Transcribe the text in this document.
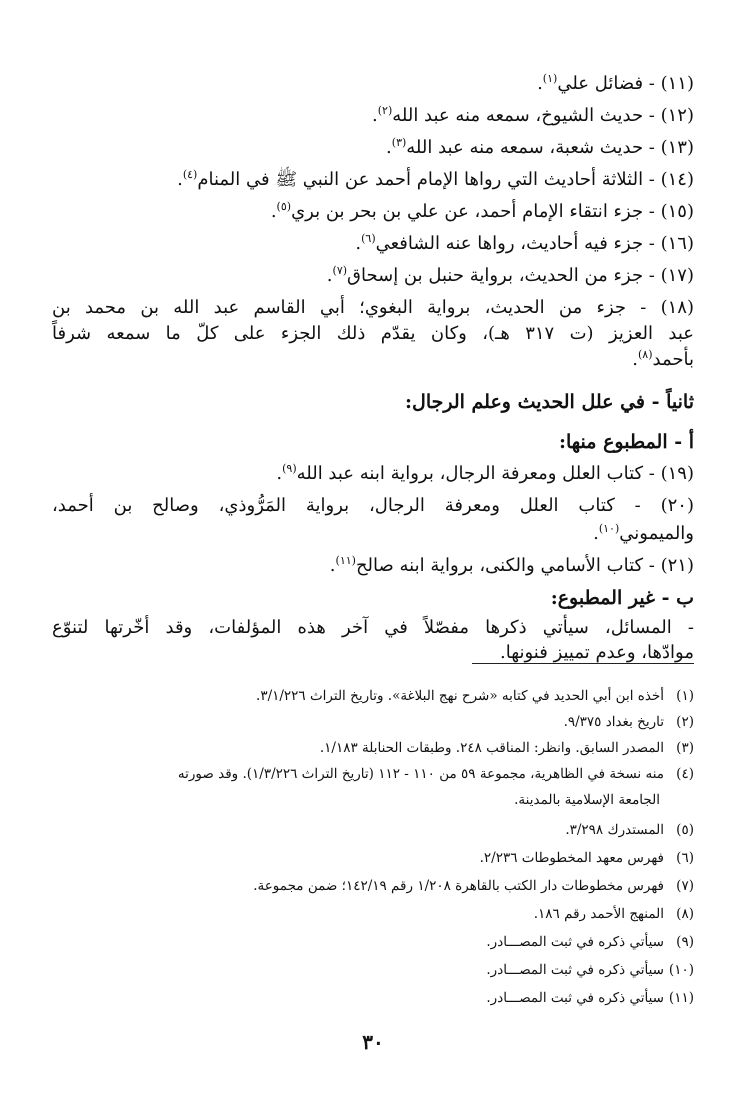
(١١) - فضائل علي$^{(١)}$.
(١٢) - حديث الشيوخ، سمعه منه عبد الله$^{(٢)}$.
(١٣) - حديث شعبة، سمعه منه عبد الله$^{(٣)}$.
(١٤) - الثلاثة أحاديث التي رواها الإمام أحمد عن النبي ﷺ في المنام$^{(٤)}$.
(١٥) - جزء انتقاء الإمام أحمد، عن علي بن بحر بن بري$^{(٥)}$.
(١٦) - جزء فيه أحاديث، رواها عنه الشافعي$^{(٦)}$.
(١٧) - جزء من الحديث، برواية حنبل بن إسحاق$^{(٧)}$.
(١٨) - جزء من الحديث، برواية البغوي؛ أبي القاسم عبد الله بن محمد بن
عبد العزيز (ت ٣١٧ هـ)، وكان يقدّم ذلك الجزء على كلّ ما سمعه شرفاً
بأحمد$^{(٨)}$.
ثانياً - في علل الحديث وعلم الرجال:
أ - المطبوع منها:
(١٩) - كتاب العلل ومعرفة الرجال، برواية ابنه عبد الله$^{(٩)}$.
(٢٠) - كتاب العلل ومعرفة الرجال، برواية المَرُّوذي، وصالح بن أحمد،
والميموني$^{(١٠)}$.
(٢١) - كتاب الأسامي والكنى، برواية ابنه صالح$^{(١١)}$.
ب - غير المطبوع:
- المسائل، سيأتي ذكرها مفصّلاً في آخر هذه المؤلفات، وقد أخّرتها لتنوّع
موادّها، وعدم تمييز فنونها.
(١)أخذه ابن أبي الحديد في كتابه «شرح نهج البلاغة». وتاريخ التراث ٣/١/٢٢٦.
(٢)تاريخ بغداد ٩/٣٧٥.
(٣)المصدر السابق. وانظر: المناقب ٢٤٨. وطبقات الحنابلة ١/١٨٣.
(٤)منه نسخة في الظاهرية، مجموعة ٥٩ من ١١٠ - ١١٢ (تاريخ التراث ١/٣/٢٢٦). وقد صورته
الجامعة الإسلامية بالمدينة.
(٥)المستدرك ٣/٢٩٨.
(٦)فهرس معهد المخطوطات ٢/٢٣٦.
(٧)فهرس مخطوطات دار الكتب بالقاهرة ١/٢٠٨ رقم ١٤٢/١٩؛ ضمن مجموعة.
(٨)المنهج الأحمد رقم ١٨٦.
(٩)سيأتي ذكره في ثبت المصـــادر.
(١٠)سيأتي ذكره في ثبت المصـــادر.
(١١)سيأتي ذكره في ثبت المصـــادر.
٣٠
